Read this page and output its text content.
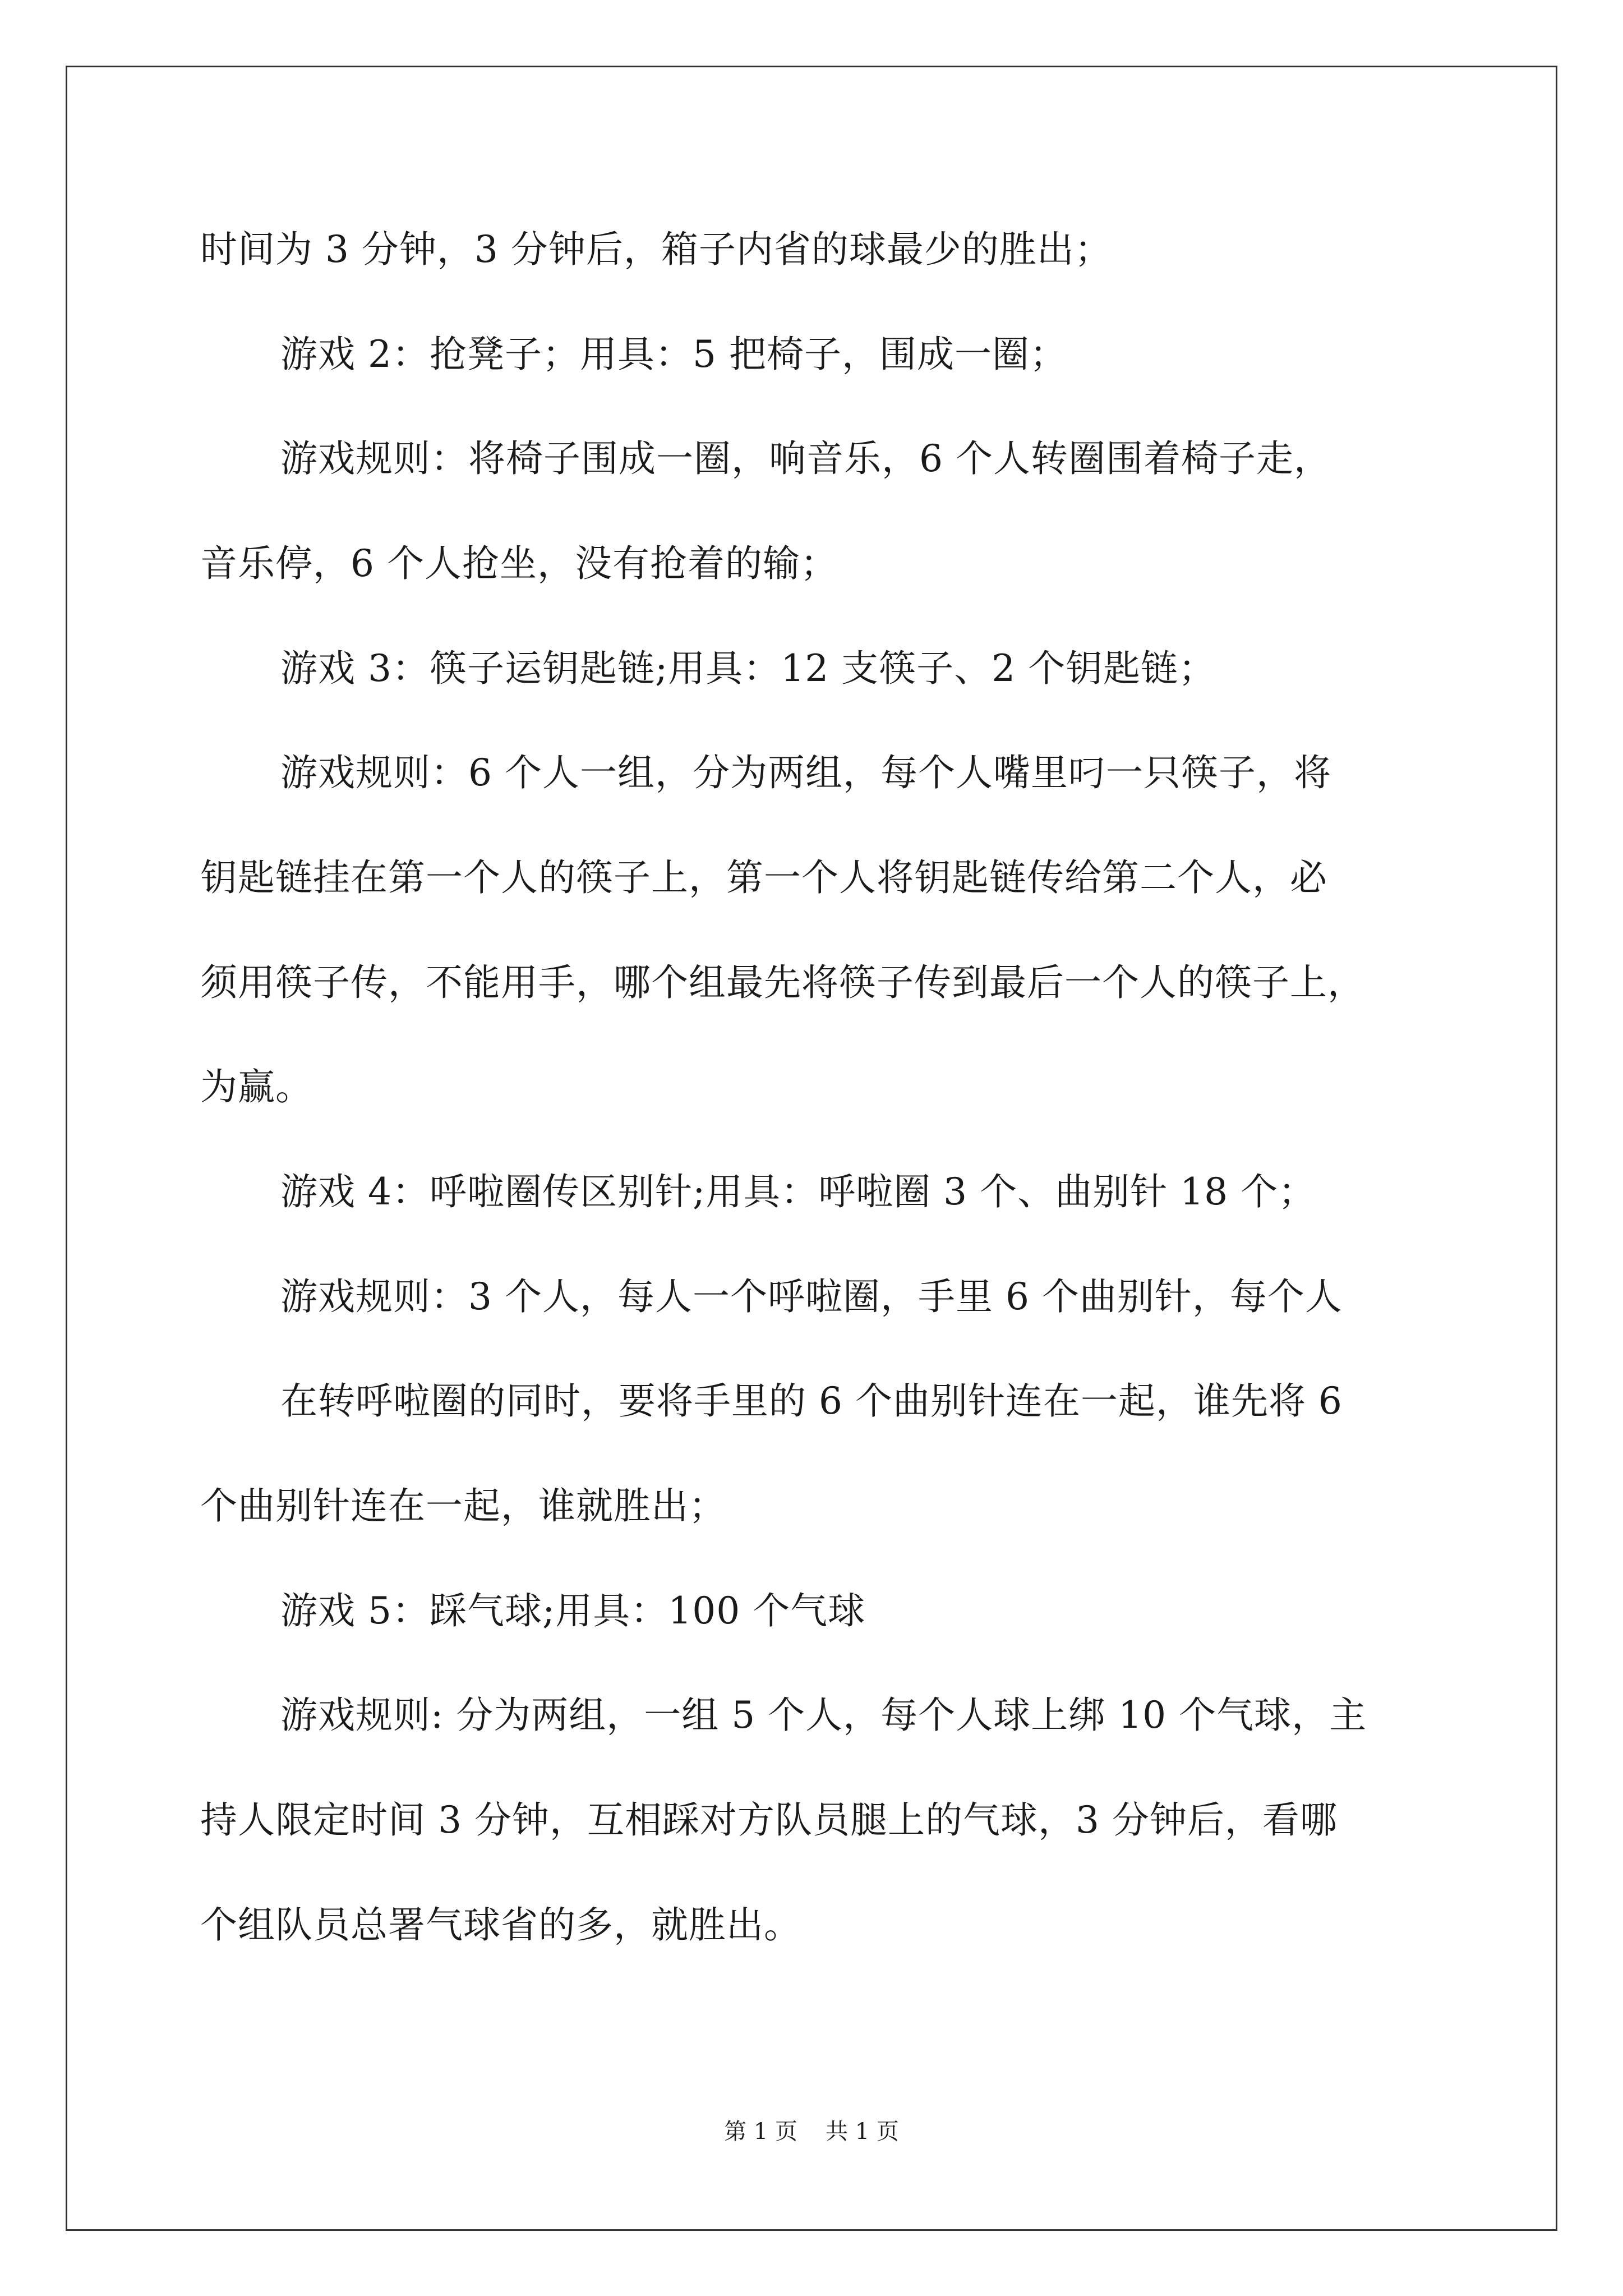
时间为 3 分钟，3 分钟后，箱子内省的球最少的胜出；
游戏 2：抢凳子；用具：5 把椅子，围成一圈；
游戏规则：将椅子围成一圈，响音乐，6 个人转圈围着椅子走，
音乐停，6 个人抢坐，没有抢着的输；
游戏 3：筷子运钥匙链;用具：12 支筷子、2 个钥匙链；
游戏规则：6 个人一组，分为两组，每个人嘴里叼一只筷子，将
钥匙链挂在第一个人的筷子上，第一个人将钥匙链传给第二个人，必
须用筷子传，不能用手，哪个组最先将筷子传到最后一个人的筷子上，
为赢。
游戏 4：呼啦圈传区别针;用具：呼啦圈 3 个、曲别针 18 个；
游戏规则：3 个人，每人一个呼啦圈，手里 6 个曲别针，每个人
在转呼啦圈的同时，要将手里的 6 个曲别针连在一起，谁先将 6
个曲别针连在一起，谁就胜出；
游戏 5：踩气球;用具：100 个气球
游戏规则: 分为两组，一组 5 个人，每个人球上绑 10 个气球，主
持人限定时间 3 分钟，互相踩对方队员腿上的气球，3 分钟后，看哪
个组队员总署气球省的多，就胜出。
第 1 页 共 1 页
